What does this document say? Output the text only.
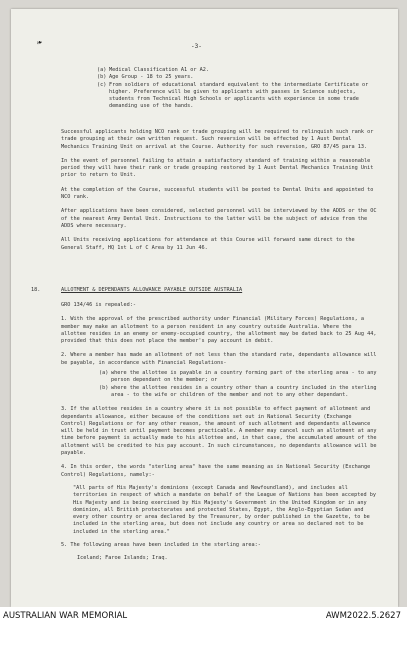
❧	-3-
(a) Medical Classification A1 or A2.
(b) Age Group - 18 to 25 years.
(c) From soldiers of educational standard equivalent to the intermediate Certificate or higher. Preference will be given to applicants with passes in Science subjects, students from Technical High Schools or applicants with experience in some trade demanding use of the hands.

Successful applicants holding NCO rank or trade grouping will be required to relinquish such rank or trade grouping at their own written request. Such reversion will be effected by 1 Aust Dental Mechanics Training Unit on arrival at the Course. Authority for such reversion, GRO 87/45 para 13.

In the event of personnel failing to attain a satisfactory standard of training within a reasonable period they will have their rank or trade grouping restored by 1 Aust Dental Mechanics Training Unit prior to return to Unit.

At the completion of the Course, successful students will be posted to Dental Units and appointed to NCO rank.

After applications have been considered, selected personnel will be interviewed by the ADDS or the OC of the nearest Army Dental Unit. Instructions to the latter will be the subject of advice from the ADDS where necessary.

All Units receiving applications for attendance at this Course will forward same direct to the General Staff, HQ 1st L of C Area by 11 Jun 46.

18.	ALLOTMENT & DEPENDANTS ALLOWANCE PAYABLE OUTSIDE AUSTRALIA

GRO 134/46 is repealed:-

1. With the approval of the prescribed authority under Financial (Military Forces) Regulations, a member may make an allotment to a person resident in any country outside Australia. Where the allottee resides in an enemy or enemy-occupied country, the allotment may be dated back to 25 Aug 44, provided that this does not place the member's pay account in debit.

2. Where a member has made an allotment of not less than the standard rate, dependants allowance will be payable, in accordance with Financial Regulations-

(a) where the allottee is payable in a country forming part of the sterling area - to any person dependant on the member; or
(b) where the allottee resides in a country other than a country included in the sterling area - to the wife or children of the member and not to any other dependant.

3. If the allottee resides in a country where it is not possible to effect payment of allotment and dependants allowance, either because of the conditions set out in National Security (Exchange Control) Regulations or for any other reason, the amount of such allotment and dependants allowance will be held in trust until payment becomes practicable. A member may cancel such an allotment at any time before payment is actually made to his allottee and, in that case, the accumulated amount of the allotment will be credited to his pay account. In such circumstances, no dependants allowance will be payable.

4. In this order, the words "sterling area" have the same meaning as in National Security (Exchange Control) Regulations, namely:-

"All parts of His Majesty's dominions (except Canada and Newfoundland), and includes all territories in respect of which a mandate on behalf of the League of Nations has been accepted by His Majesty and is being exercised by His Majesty's Government in the United Kingdom or in any dominion, all British protectorates and protected States, Egypt, the Anglo-Egyptian Sudan and every other country or area declared by the Treasurer, by order published in the Gazette, to be included in the sterling area, but does not include any country or area so declared not to be included in the sterling area."

5. The following areas have been included in the sterling area:-

Iceland; Faroe Islands; Iraq.

AUSTRALIAN WAR MEMORIAL	AWM2022.5.2627
